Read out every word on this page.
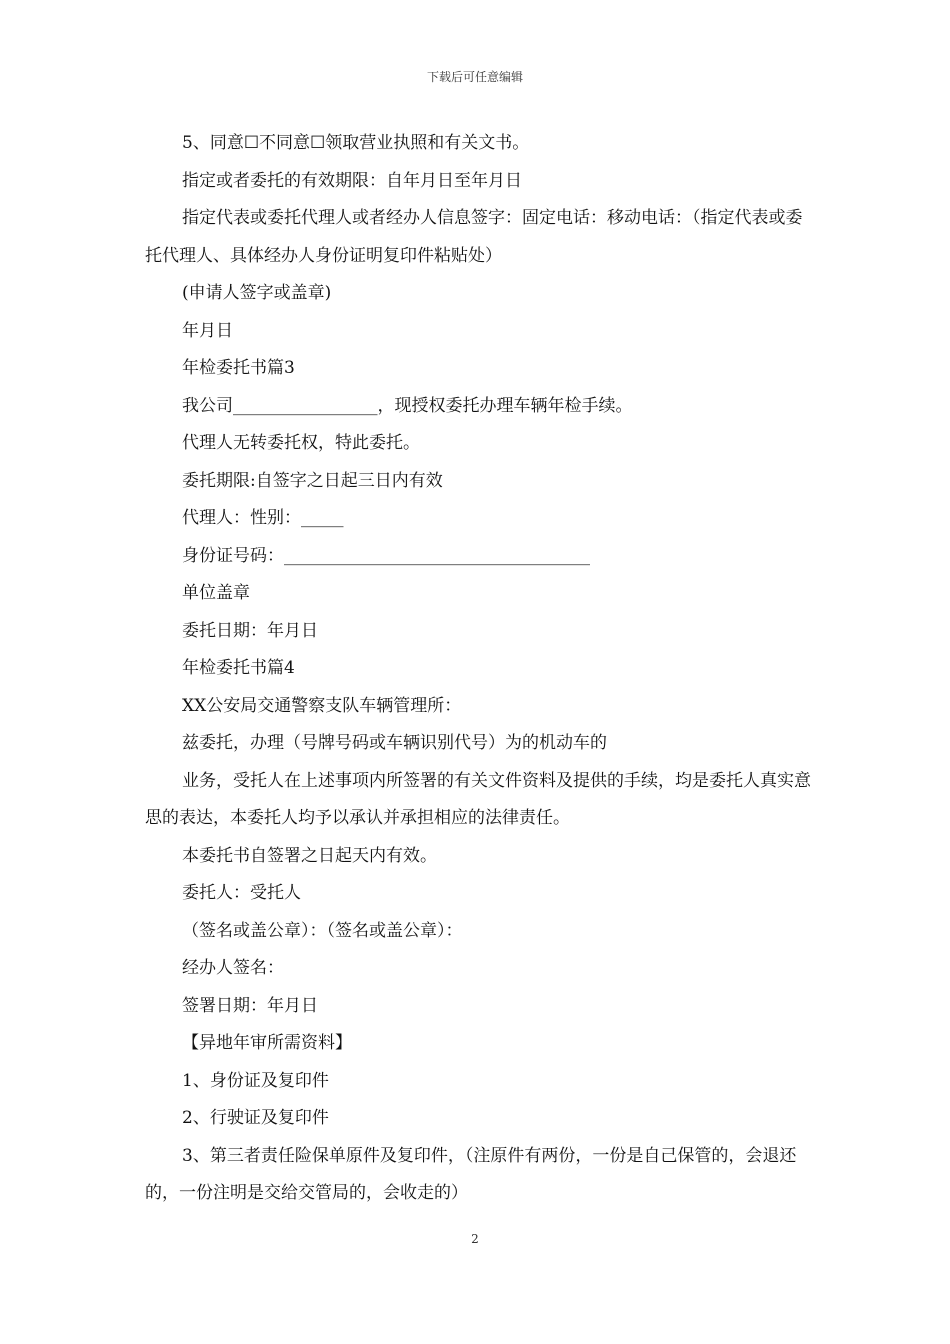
下载后可任意编辑

5、同意☐不同意☐领取营业执照和有关文书。

指定或者委托的有效期限：自年月日至年月日

指定代表或委托代理人或者经办人信息签字：固定电话：移动电话：（指定代表或委托代理人、具体经办人身份证明复印件粘贴处）

(申请人签字或盖章)

年月日

年检委托书篇3

我公司_________________，现授权委托办理车辆年检手续。

代理人无转委托权，特此委托。

委托期限:自签字之日起三日内有效

代理人：性别：_____

身份证号码：____________________________________

单位盖章

委托日期：年月日

年检委托书篇4

XX公安局交通警察支队车辆管理所：

兹委托，办理（号牌号码或车辆识别代号）为的机动车的

业务，受托人在上述事项内所签署的有关文件资料及提供的手续，均是委托人真实意思的表达，本委托人均予以承认并承担相应的法律责任。

本委托书自签署之日起天内有效。

委托人：受托人

（签名或盖公章）：（签名或盖公章）：

经办人签名：

签署日期：年月日

【异地年审所需资料】

1、身份证及复印件

2、行驶证及复印件

3、第三者责任险保单原件及复印件，（注原件有两份，一份是自己保管的，会退还的，一份注明是交给交管局的，会收走的）

2
